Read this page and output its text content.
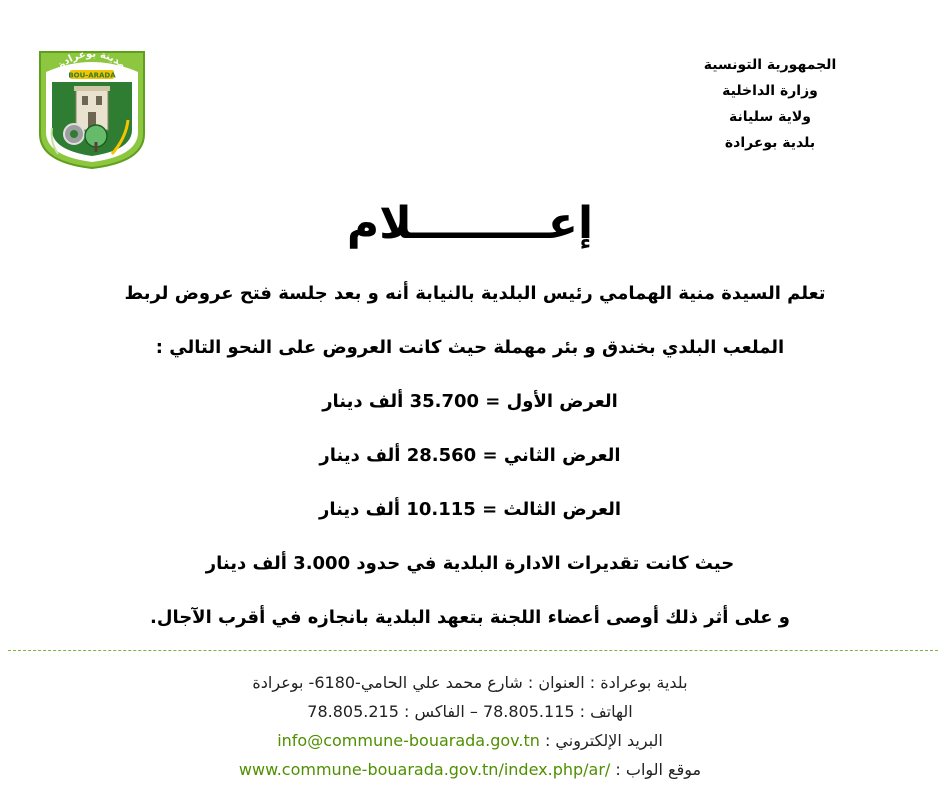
مدينة بوعرادة
BOU-ARADA
الجمهورية التونسية
وزارة الداخلية
ولاية سليانة
بلدية بوعرادة
إعـــــــــلام
تعلم السيدة منية الهمامي رئيس البلدية بالنيابة أنه و بعد جلسة فتح عروض لربط
الملعب البلدي بخندق و بئر مهملة حيث كانت العروض على النحو التالي :
العرض الأول = 35.700 ألف دينار
العرض الثاني = 28.560 ألف دينار
العرض الثالث = 10.115 ألف دينار
حيث كانت تقديرات الادارة البلدية في حدود 3.000 ألف دينار
و على أثر ذلك أوصى أعضاء اللجنة بتعهد البلدية بانجازه في أقرب الآجال.
بلدية بوعرادة : العنوان : شارع محمد علي الحامي-6180- بوعرادة
الهاتف : 78.805.115 – الفاكس : 78.805.215
البريد الإلكتروني : info@commune-bouarada.gov.tn
موقع الواب : www.commune-bouarada.gov.tn/index.php/ar/
